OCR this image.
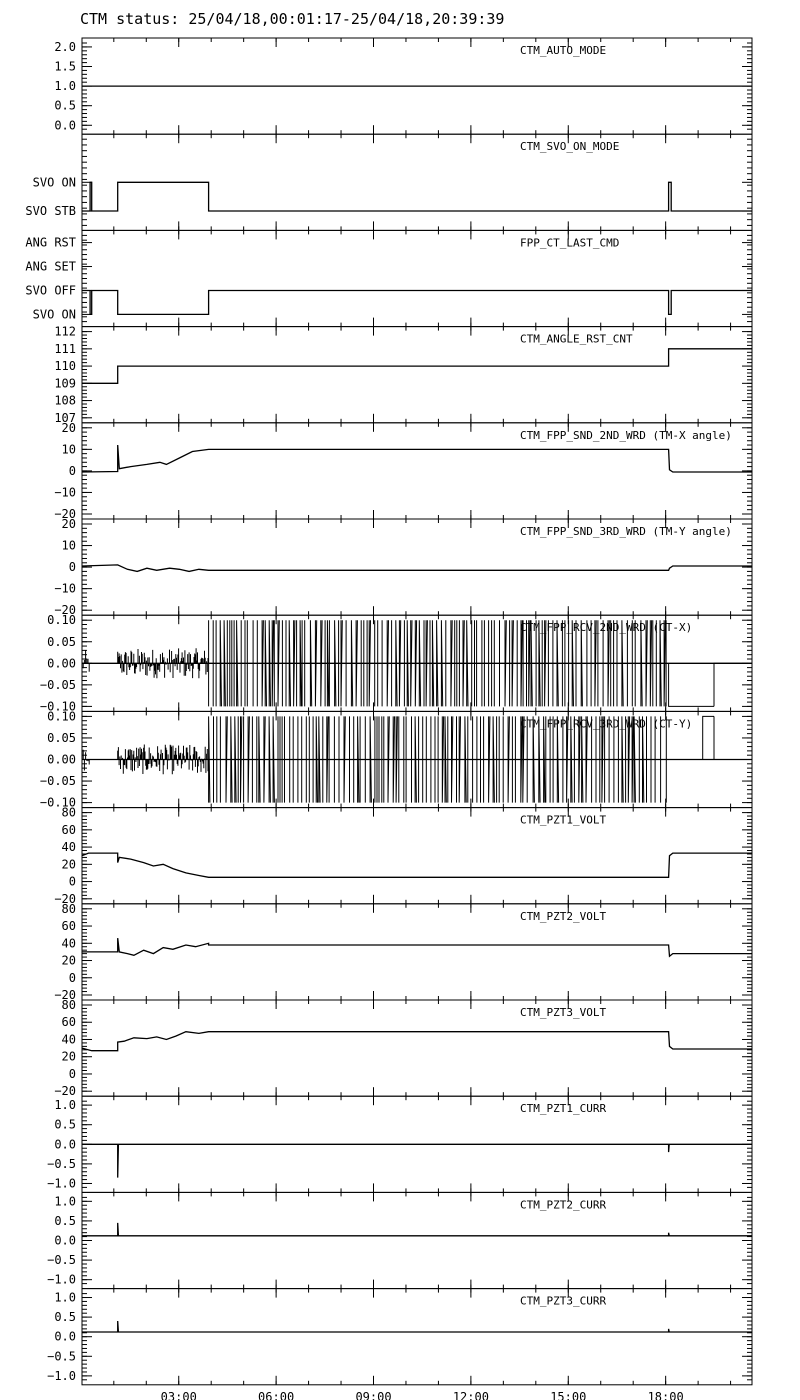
CTM status: 25/04/18,00:01:17-25/04/18,20:39:39
0.0
0.5
1.0
1.5
2.0	CTM_AUTO_MODE
SVO STB
SVO ON
CTM_SVO_ON_MODE
SVO ON
SVO OFF
ANG SET
ANG RST	FPP_CT_LAST_CMD
107
108
109
110
111
112
CTM_ANGLE_RST_CNT
−20
−10
0
10
20
CTM_FPP_SND_2ND_WRD (TM-X angle)
−20
−10
0
10
20
CTM_FPP_SND_3RD_WRD (TM-Y angle)
−0.10
−0.05
0.00
0.05
0.10
CTM_FPP_RCV_2ND_WRD (CT-X)
−0.10
−0.05
0.00
0.05
0.10
CTM_FPP_RCV_3RD_WRD (CT-Y)
−20
0
20
40
60
80
CTM_PZT1_VOLT
−20
0
20
40
60
80
CTM_PZT2_VOLT
−20
0
20
40
60
80
CTM_PZT3_VOLT
−1.0
−0.5
0.0
0.5
1.0	CTM_PZT1_CURR
−1.0
−0.5
0.0
0.5
1.0	CTM_PZT2_CURR
−1.0
−0.5
0.0
0.5
1.0	CTM_PZT3_CURR
03:00	06:00	09:00	12:00	15:00	18:00
